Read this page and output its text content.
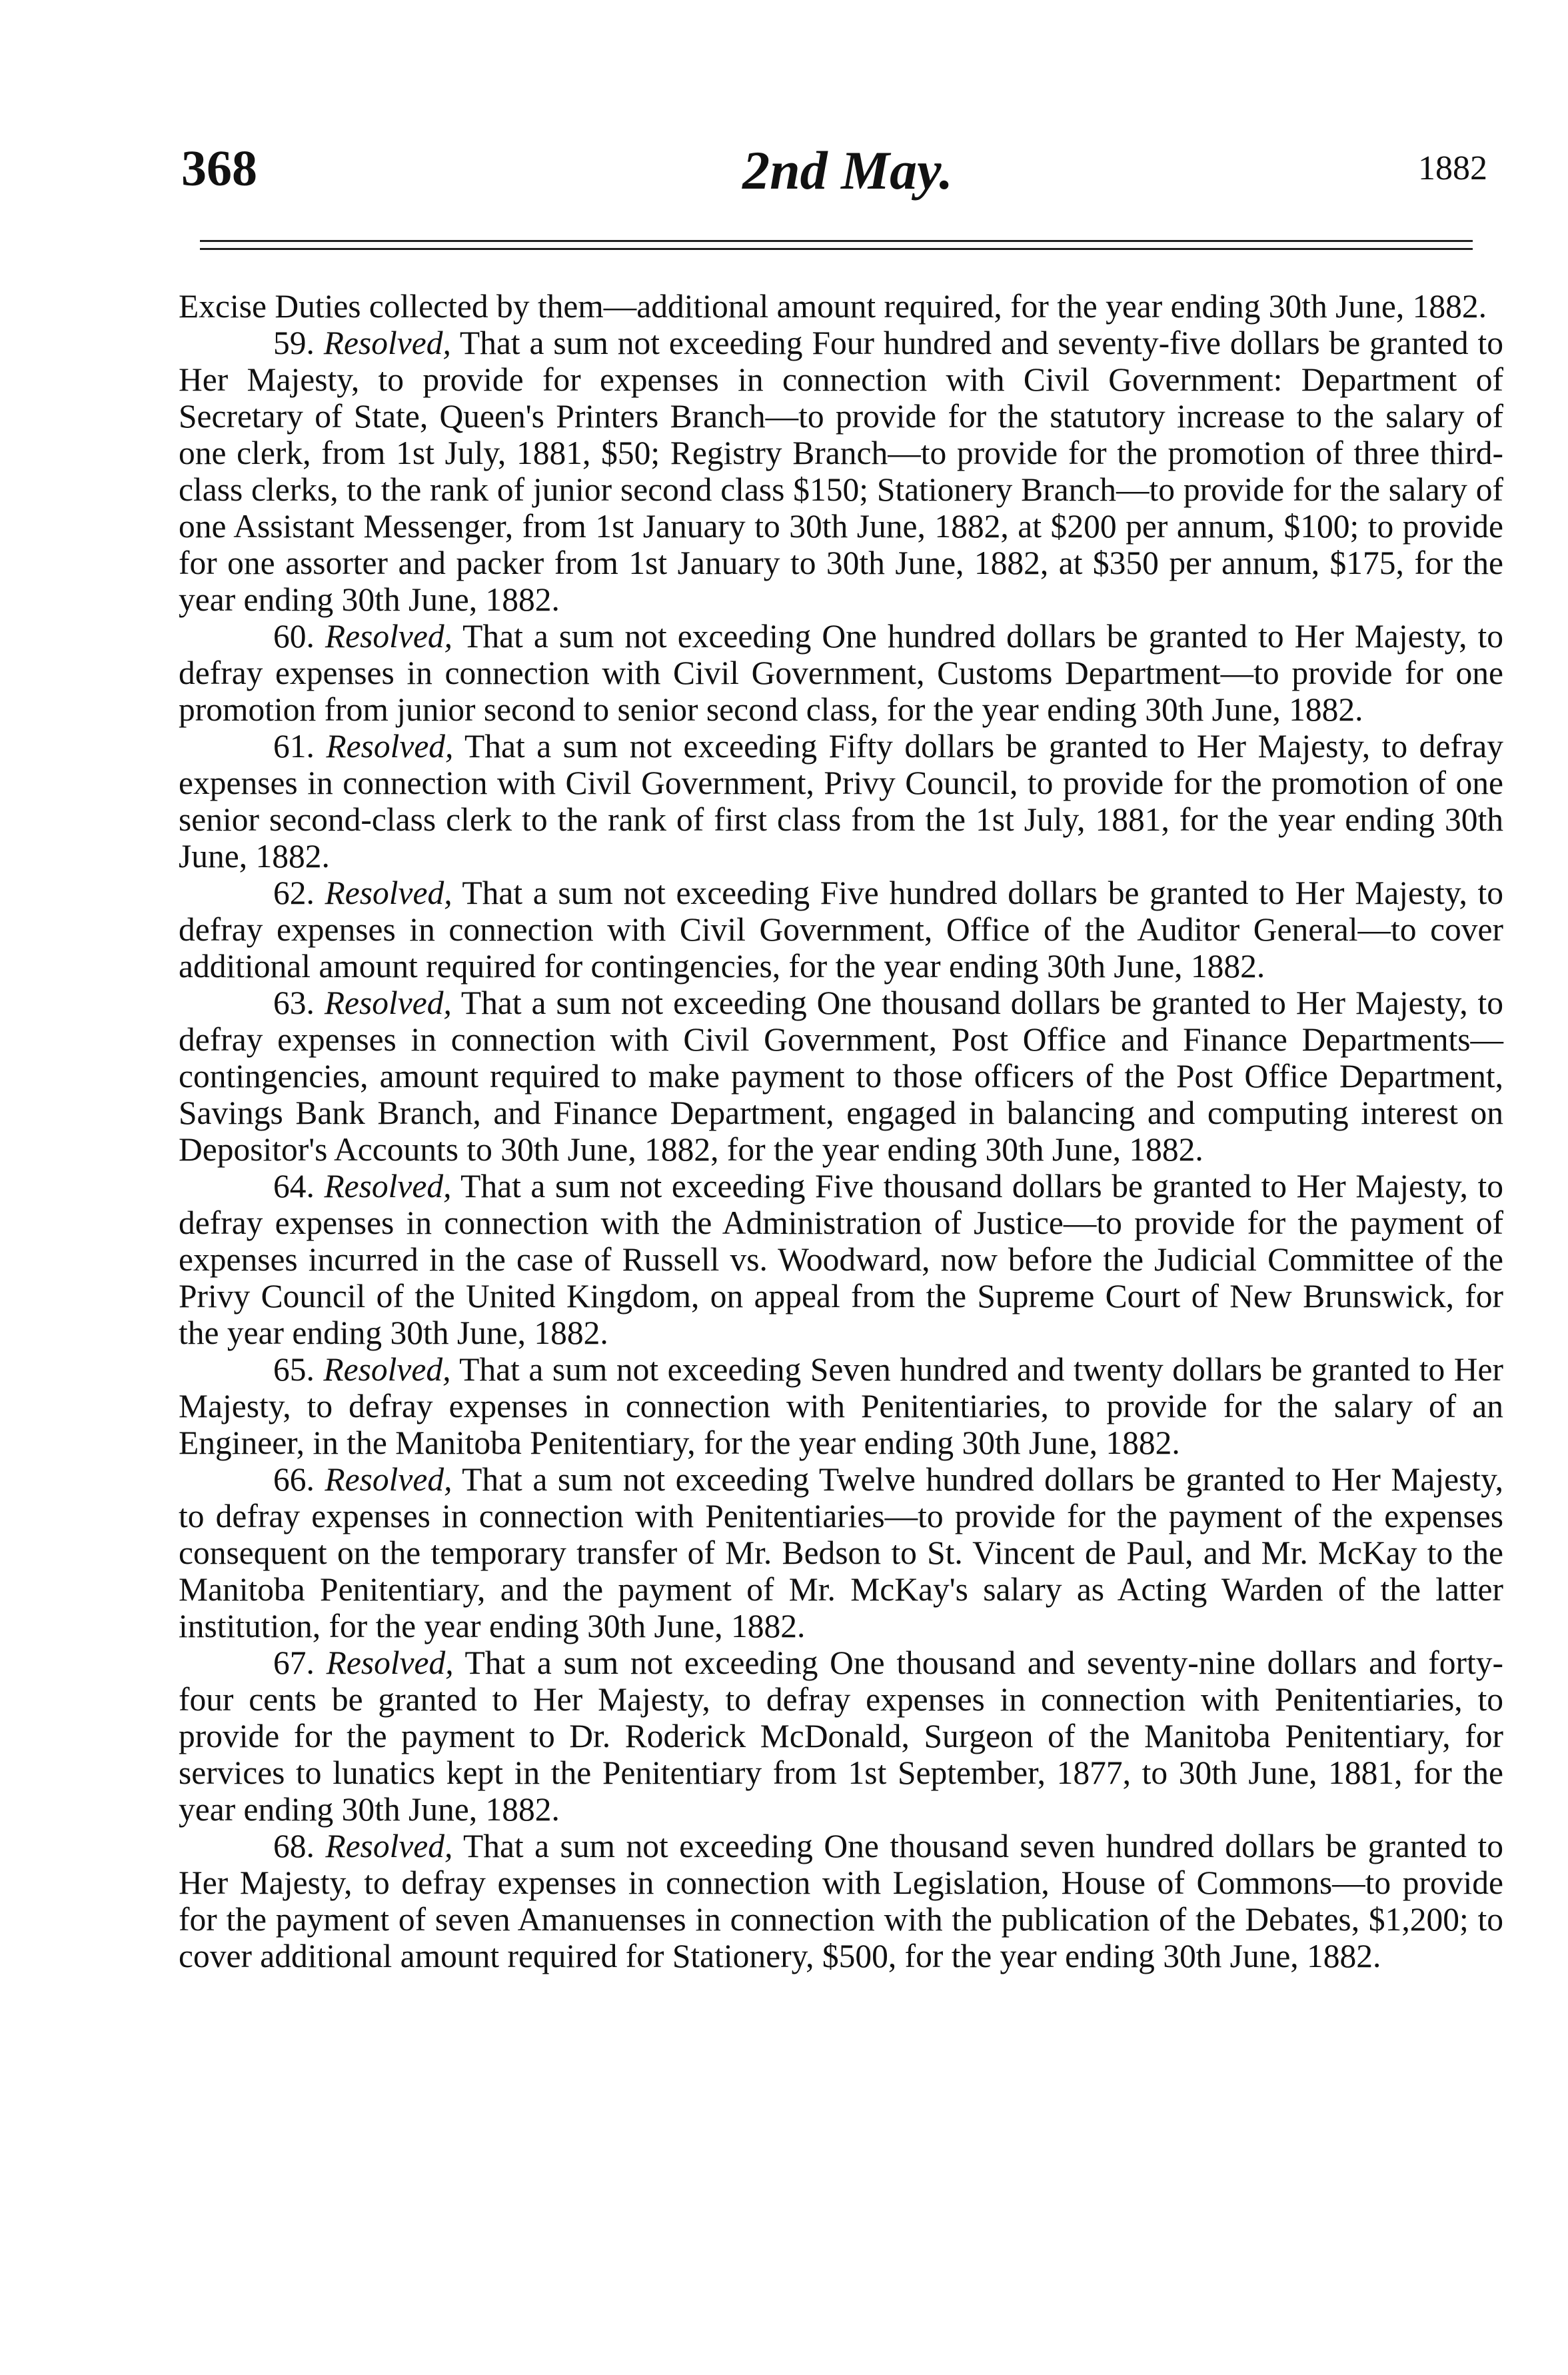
368	2nd May.	1882

Excise Duties collected by them—additional amount required, for the year ending 30th June, 1882.

59. Resolved, That a sum not exceeding Four hundred and seventy-five dollars be granted to Her Majesty, to provide for expenses in connection with Civil Government: Department of Secretary of State, Queen's Printers Branch—to provide for the statutory increase to the salary of one clerk, from 1st July, 1881, $50; Registry Branch—to provide for the promotion of three third-class clerks, to the rank of junior second class $150; Stationery Branch—to provide for the salary of one Assistant Messenger, from 1st January to 30th June, 1882, at $200 per annum, $100; to provide for one assorter and packer from 1st January to 30th June, 1882, at $350 per annum, $175, for the year ending 30th June, 1882.

60. Resolved, That a sum not exceeding One hundred dollars be granted to Her Majesty, to defray expenses in connection with Civil Government, Customs Department—to provide for one promotion from junior second to senior second class, for the year ending 30th June, 1882.

61. Resolved, That a sum not exceeding Fifty dollars be granted to Her Majesty, to defray expenses in connection with Civil Government, Privy Council, to provide for the promotion of one senior second-class clerk to the rank of first class from the 1st July, 1881, for the year ending 30th June, 1882.

62. Resolved, That a sum not exceeding Five hundred dollars be granted to Her Majesty, to defray expenses in connection with Civil Government, Office of the Auditor General—to cover additional amount required for contingencies, for the year ending 30th June, 1882.

63. Resolved, That a sum not exceeding One thousand dollars be granted to Her Majesty, to defray expenses in connection with Civil Government, Post Office and Finance Departments—contingencies, amount required to make payment to those officers of the Post Office Department, Savings Bank Branch, and Finance Department, engaged in balancing and computing interest on Depositor's Accounts to 30th June, 1882, for the year ending 30th June, 1882.

64. Resolved, That a sum not exceeding Five thousand dollars be granted to Her Majesty, to defray expenses in connection with the Administration of Justice—to provide for the payment of expenses incurred in the case of Russell vs. Woodward, now before the Judicial Committee of the Privy Council of the United Kingdom, on appeal from the Supreme Court of New Brunswick, for the year ending 30th June, 1882.

65. Resolved, That a sum not exceeding Seven hundred and twenty dollars be granted to Her Majesty, to defray expenses in connection with Penitentiaries, to provide for the salary of an Engineer, in the Manitoba Penitentiary, for the year ending 30th June, 1882.

66. Resolved, That a sum not exceeding Twelve hundred dollars be granted to Her Majesty, to defray expenses in connection with Penitentiaries—to provide for the payment of the expenses consequent on the temporary transfer of Mr. Bedson to St. Vincent de Paul, and Mr. McKay to the Manitoba Penitentiary, and the payment of Mr. McKay's salary as Acting Warden of the latter institution, for the year ending 30th June, 1882.

67. Resolved, That a sum not exceeding One thousand and seventy-nine dollars and forty-four cents be granted to Her Majesty, to defray expenses in connection with Penitentiaries, to provide for the payment to Dr. Roderick McDonald, Surgeon of the Manitoba Penitentiary, for services to lunatics kept in the Penitentiary from 1st September, 1877, to 30th June, 1881, for the year ending 30th June, 1882.

68. Resolved, That a sum not exceeding One thousand seven hundred dollars be granted to Her Majesty, to defray expenses in connection with Legislation, House of Commons—to provide for the payment of seven Amanuenses in connection with the publication of the Debates, $1,200; to cover additional amount required for Stationery, $500, for the year ending 30th June, 1882.
